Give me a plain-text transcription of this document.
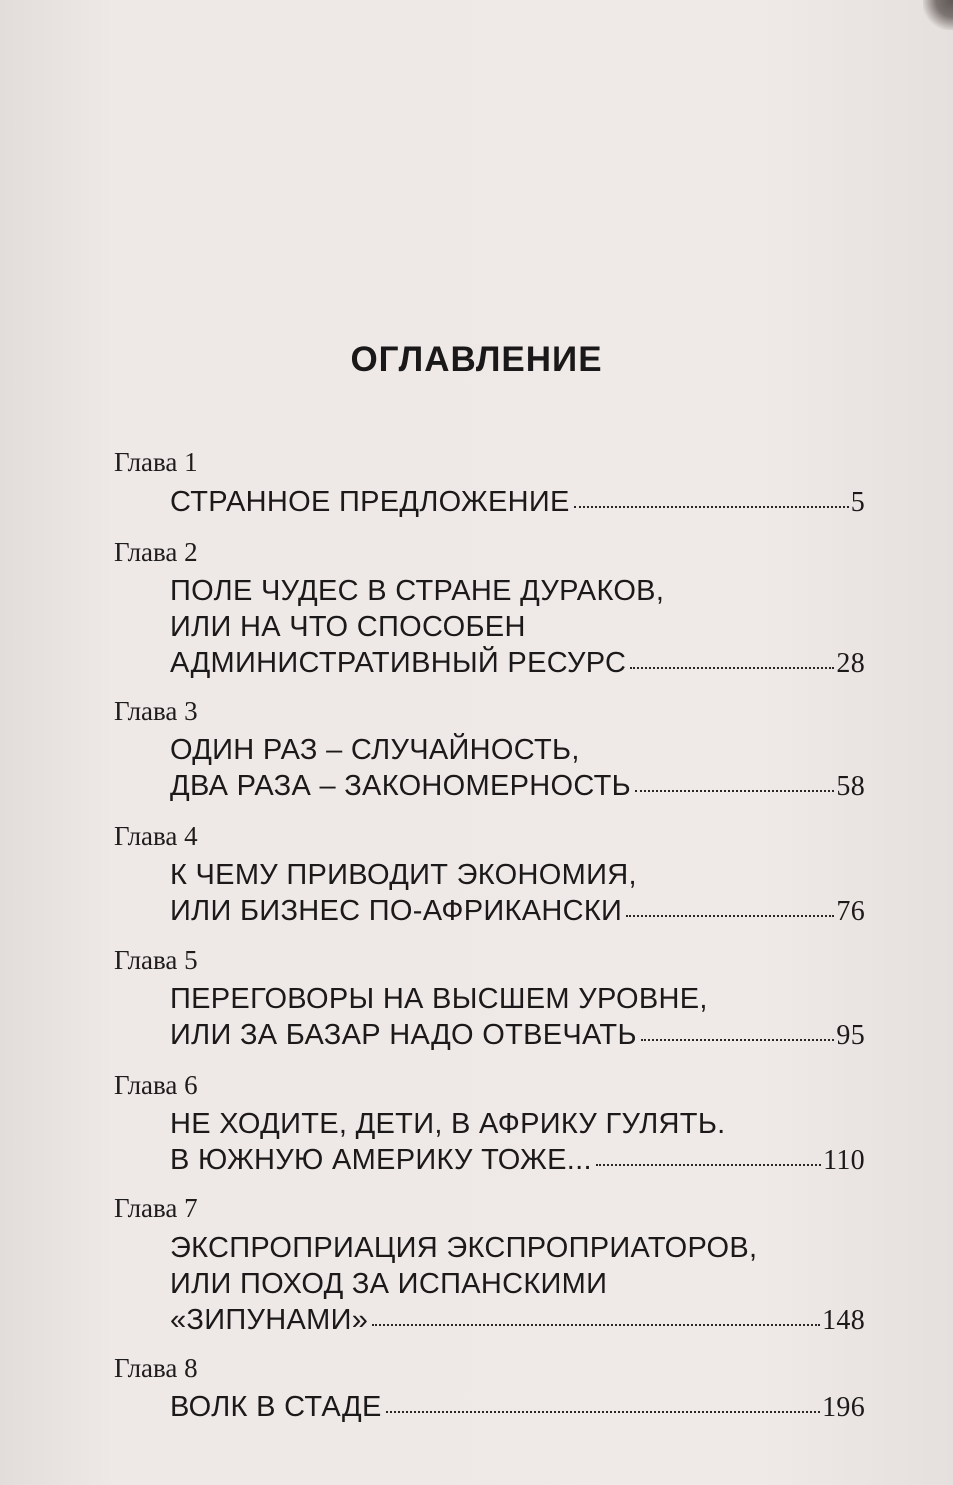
ОГЛАВЛЕНИЕ
Глава 1
СТРАННОЕ ПРЕДЛОЖЕНИЕ	5
Глава 2
ПОЛЕ ЧУДЕС В СТРАНЕ ДУРАКОВ,
ИЛИ НА ЧТО СПОСОБЕН
АДМИНИСТРАТИВНЫЙ РЕСУРС	28
Глава 3
ОДИН РАЗ – СЛУЧАЙНОСТЬ,
ДВА РАЗА – ЗАКОНОМЕРНОСТЬ	58
Глава 4
К ЧЕМУ ПРИВОДИТ ЭКОНОМИЯ,
ИЛИ БИЗНЕС ПО-АФРИКАНСКИ	76
Глава 5
ПЕРЕГОВОРЫ НА ВЫСШЕМ УРОВНЕ,
ИЛИ ЗА БАЗАР НАДО ОТВЕЧАТЬ	95
Глава 6
НЕ ХОДИТЕ, ДЕТИ, В АФРИКУ ГУЛЯТЬ.
В ЮЖНУЮ АМЕРИКУ ТОЖЕ...	110
Глава 7
ЭКСПРОПРИАЦИЯ ЭКСПРОПРИАТОРОВ,
ИЛИ ПОХОД ЗА ИСПАНСКИМИ
«ЗИПУНАМИ»	148
Глава 8
ВОЛК В СТАДЕ	196
